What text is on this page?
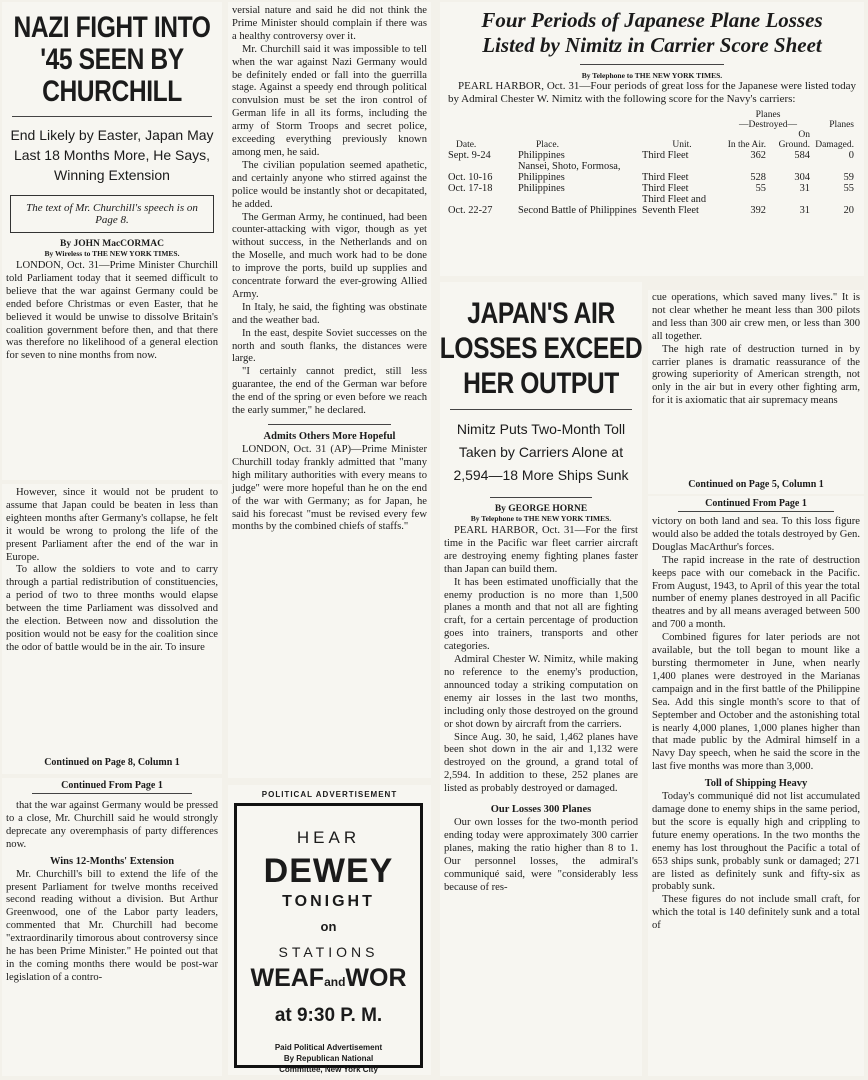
NAZI FIGHT INTO '45 SEEN BY CHURCHILL
End Likely by Easter, Japan May Last 18 Months More, He Says, Winning Extension
The text of Mr. Churchill's speech is on Page 8.
By JOHN MacCORMAC
By Wireless to THE NEW YORK TIMES.

LONDON, Oct. 31—Prime Minister Churchill told Parliament today that it seemed difficult to believe that the war against Germany could be ended before Christmas or even Easter, that he believed it would be unwise to dissolve Britain's coalition government before then, and that there was therefore no likelihood of a general election for seven to nine months from now.

However, since it would not be prudent to assume that Japan could be beaten in less than eighteen months after Germany's collapse, he felt it would be wrong to prolong the life of the present Parliament after the end of the war in Europe.

To allow the soldiers to vote and to carry through a partial redistribution of constituencies, a period of two to three months would elapse between the time Parliament was dissolved and the election. Between now and dissolution the position would not be easy for the coalition since the odor of battle would be in the air. To insure

Continued on Page 8, Column 1
Continued From Page 1

that the war against Germany would be pressed to a close, Mr. Churchill said he would strongly deprecate any overemphasis of party differences now.

Wins 12-Months' Extension

Mr. Churchill's bill to extend the life of the present Parliament for twelve months received second reading without a division. But Arthur Greenwood, one of the Labor party leaders, commented that Mr. Churchill had become "extraordinarily timorous about controversy since he has been Prime Minister." He pointed out that in the coming months there would be post-war legislation of a contro-

versial nature and said he did not think the Prime Minister should complain if there was a healthy controversy over it.

Mr. Churchill said it was impossible to tell when the war against Nazi Germany would be definitely ended or fall into the guerrilla stage. Against a speedy end through political convulsion must be set the iron control of German life in all its forms, including the army of Storm Troops and secret police, exceeding everything previously known among men, he said.

The civilian population seemed apathetic, and certainly anyone who stirred against the police would be instantly shot or decapitated, he added.

The German Army, he continued, had been counter-attacking with vigor, though as yet without success, in the Netherlands and on the Moselle, and much work had to be done to improve the ports, build up supplies and concentrate forward the ever-growing Allied Army.

In Italy, he said, the fighting was obstinate and the weather bad.

In the east, despite Soviet successes on the north and south flanks, the distances were large.

"I certainly cannot predict, still less guarantee, the end of the German war before the end of the spring or even before we reach the early summer," he declared.

Admits Others More Hopeful

LONDON, Oct. 31 (AP)—Prime Minister Churchill today frankly admitted that "many high military authorities with every means to judge" were more hopeful than he on the end of the war with Germany; as for Japan, he said his forecast "must be revised every few months by the combined chiefs of staffs."

POLITICAL ADVERTISEMENT
HEAR
DEWEY
TONIGHT
on
STATIONS
WEAFandWOR
at 9:30 P. M.
Paid Political Advertisement
By Republican National
Committee, New York City
Four Periods of Japanese Plane Losses Listed by Nimitz in Carrier Score Sheet
By Telephone to THE NEW YORK TIMES.

PEARL HARBOR, Oct. 31—Four periods of great loss for the Japanese were listed today by Admiral Chester W. Nimitz with the following score for the Navy's carriers:

			Planes
—Destroyed—		Planes
Date.	Place.	Unit.	In the Air.	On Ground.	Damaged.
Sept. 9-24	Philippines	Third Fleet	362	584	0
Oct. 10-16	Nansei, Shoto, Formosa, Philippines	Third Fleet	528	304	59
Oct. 17-18	Philippines	Third Fleet	55	31	55
Oct. 22-27	Second Battle of Philippines	Third Fleet and Seventh Fleet	392	31	20
JAPAN'S AIR LOSSES EXCEED HER OUTPUT
Nimitz Puts Two-Month Toll Taken by Carriers Alone at 2,594—18 More Ships Sunk
By GEORGE HORNE
By Telephone to THE NEW YORK TIMES.

PEARL HARBOR, Oct. 31—For the first time in the Pacific war fleet carrier aircraft are destroying enemy fighting planes faster than Japan can build them.

It has been estimated unofficially that the enemy production is no more than 1,500 planes a month and that not all are fighting craft, for a certain percentage of production goes into trainers, transports and other categories.

Admiral Chester W. Nimitz, while making no reference to the enemy's production, announced today a striking computation on enemy air losses in the last two months, including only those destroyed on the ground or shot down by aircraft from the carriers.

Since Aug. 30, he said, 1,462 planes have been shot down in the air and 1,132 were destroyed on the ground, a grand total of 2,594. In addition to these, 252 planes are listed as probably destroyed or damaged.

Our Losses 300 Planes

Our own losses for the two-month period ending today were approximately 300 carrier planes, making the ratio higher than 8 to 1. Our personnel losses, the admiral's communiqué said, were "considerably less because of res-

cue operations, which saved many lives." It is not clear whether he meant less than 300 pilots and less than 300 air crew men, or less than 300 all together.

The high rate of destruction turned in by carrier planes is dramatic reassurance of the growing superiority of American strength, not only in the air but in every other fighting arm, for it is axiomatic that air supremacy means

Continued on Page 5, Column 1
Continued From Page 1

victory on both land and sea. To this loss figure would also be added the totals destroyed by Gen. Douglas MacArthur's forces.

The rapid increase in the rate of destruction keeps pace with our comeback in the Pacific. From August, 1943, to April of this year the total number of enemy planes destroyed in all Pacific theatres and by all means averaged between 500 and 700 a month.

Combined figures for later periods are not available, but the toll began to mount like a bursting thermometer in June, when nearly 1,400 planes were destroyed in the Marianas campaign and in the first battle of the Philippine Sea. Add this single month's score to that of September and October and the astonishing total is nearly 4,000 planes, 1,000 planes higher than that made public by the Admiral himself in a Navy Day speech, when he said the score in the last five months was more than 3,000.

Toll of Shipping Heavy

Today's communiqué did not list accumulated damage done to enemy ships in the same period, but the score is equally high and crippling to future enemy operations. In the two months the enemy has lost throughout the Pacific a total of 653 ships sunk, probably sunk or damaged; 271 are listed as definitely sunk and fifty-six as probably sunk.

These figures do not include small craft, for which the total is 140 definitely sunk and a total of
